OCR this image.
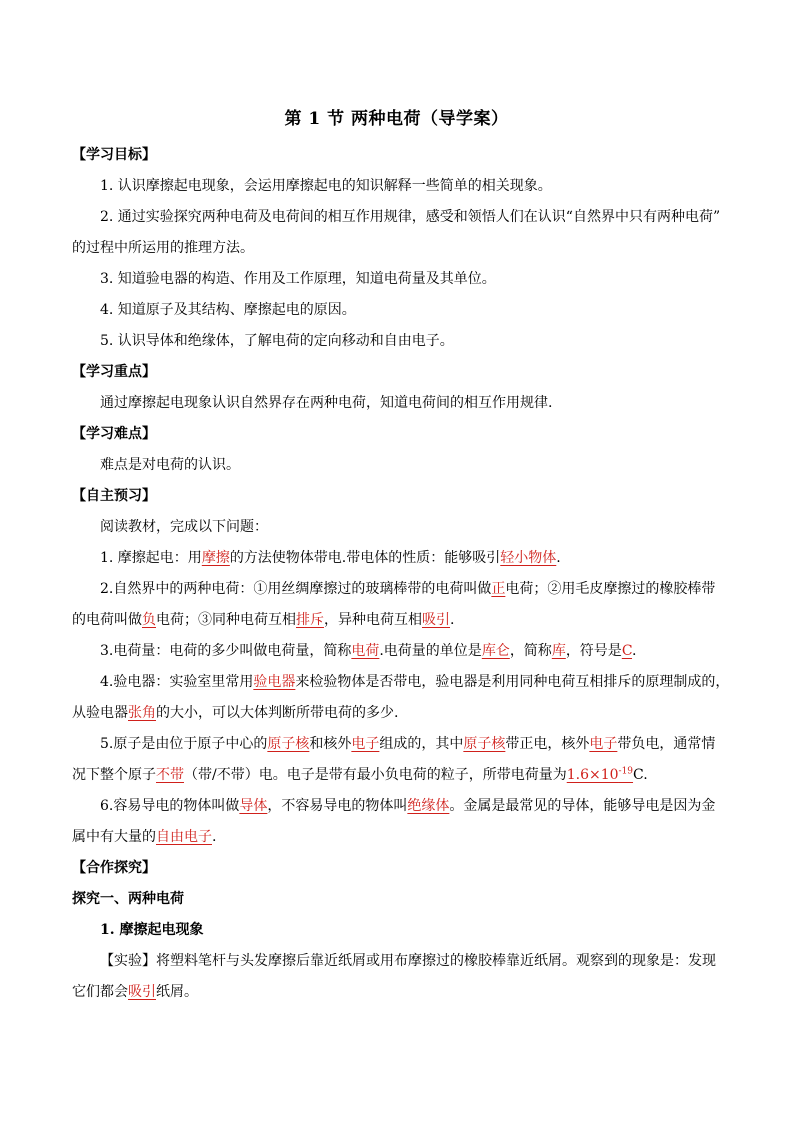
第 1 节 两种电荷（导学案）
【学习目标】
1. 认识摩擦起电现象，会运用摩擦起电的知识解释一些简单的相关现象。
2. 通过实验探究两种电荷及电荷间的相互作用规律，感受和领悟人们在认识“自然界中只有两种电荷”
的过程中所运用的推理方法。
3. 知道验电器的构造、作用及工作原理，知道电荷量及其单位。
4. 知道原子及其结构、摩擦起电的原因。
5. 认识导体和绝缘体，了解电荷的定向移动和自由电子。
【学习重点】
通过摩擦起电现象认识自然界存在两种电荷，知道电荷间的相互作用规律.
【学习难点】
难点是对电荷的认识。
【自主预习】
阅读教材，完成以下问题：
1. 摩擦起电：用摩擦的方法使物体带电.带电体的性质：能够吸引轻小物体.
2.自然界中的两种电荷：①用丝绸摩擦过的玻璃棒带的电荷叫做正电荷；②用毛皮摩擦过的橡胶棒带
的电荷叫做负电荷；③同种电荷互相排斥，异种电荷互相吸引.
3.电荷量：电荷的多少叫做电荷量，简称电荷.电荷量的单位是库仑，简称库，符号是C.
4.验电器：实验室里常用验电器来检验物体是否带电，验电器是利用同种电荷互相排斥的原理制成的，
从验电器张角的大小，可以大体判断所带电荷的多少.
5.原子是由位于原子中心的原子核和核外电子组成的，其中原子核带正电，核外电子带负电，通常情
况下整个原子不带（带/不带）电。电子是带有最小负电荷的粒子，所带电荷量为$1.6\times 10^{-19}C$.
6.容易导电的物体叫做导体，不容易导电的物体叫绝缘体。金属是最常见的导体，能够导电是因为金
属中有大量的自由电子.
【合作探究】
探究一、两种电荷
1. 摩擦起电现象
【实验】将塑料笔杆与头发摩擦后靠近纸屑或用布摩擦过的橡胶棒靠近纸屑。观察到的现象是：发现
它们都会吸引纸屑。
